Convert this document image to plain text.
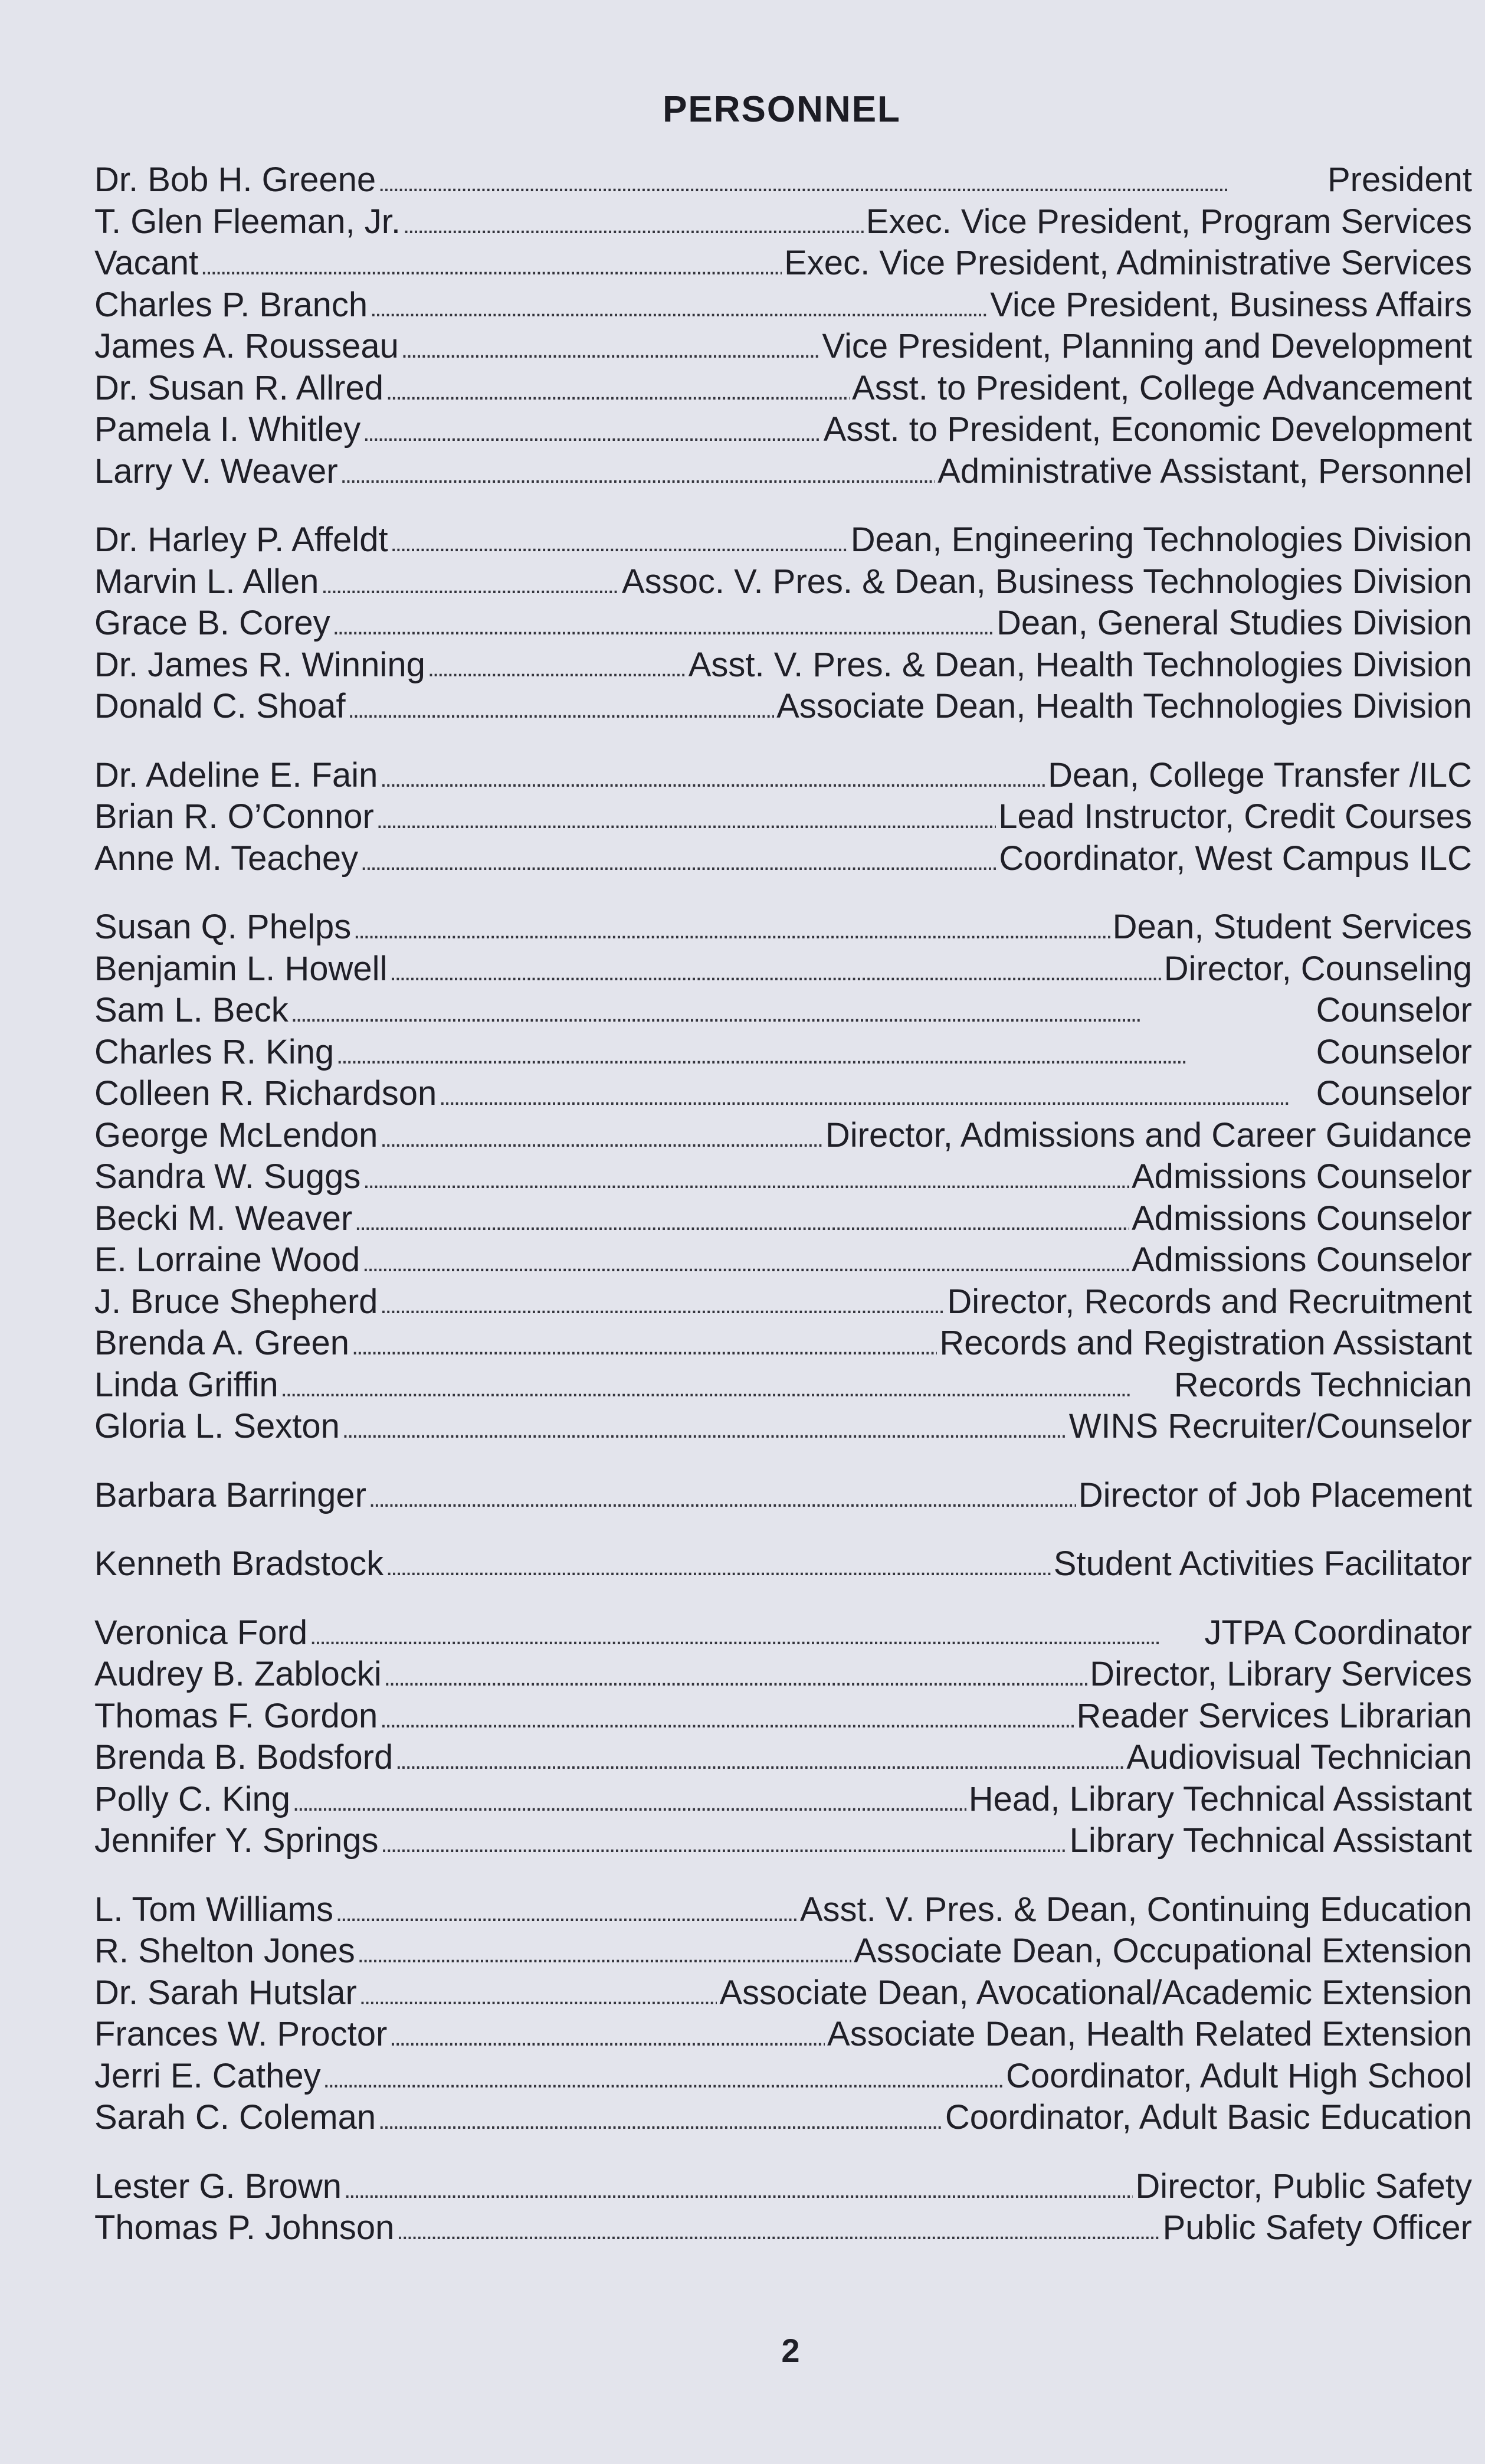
PERSONNEL
Dr. Bob H. Greene . . .	President
T. Glen Fleeman, Jr. . . .	Exec. Vice President, Program Services
Vacant . . .	Exec. Vice President, Administrative Services
Charles P. Branch . . .	Vice President, Business Affairs
James A. Rousseau . . .	Vice President, Planning and Development
Dr. Susan R. Allred . . .	Asst. to President, College Advancement
Pamela I. Whitley . . .	Asst. to President, Economic Development
Larry V. Weaver . . .	Administrative Assistant, Personnel
Dr. Harley P. Affeldt . . .	Dean, Engineering Technologies Division
Marvin L. Allen . . .	Assoc. V. Pres. & Dean, Business Technologies Division
Grace B. Corey . . .	Dean, General Studies Division
Dr. James R. Winning . . .	Asst. V. Pres. & Dean, Health Technologies Division
Donald C. Shoaf . . .	Associate Dean, Health Technologies Division
Dr. Adeline E. Fain . . .	Dean, College Transfer /ILC
Brian R. O’Connor . . .	Lead Instructor, Credit Courses
Anne M. Teachey . . .	Coordinator, West Campus ILC
Susan Q. Phelps . . .	Dean, Student Services
Benjamin L. Howell . . .	Director, Counseling
Sam L. Beck . . .	Counselor
Charles R. King . . .	Counselor
Colleen R. Richardson . . .	Counselor
George McLendon . . .	Director, Admissions and Career Guidance
Sandra W. Suggs . . .	Admissions Counselor
Becki M. Weaver . . .	Admissions Counselor
E. Lorraine Wood . . .	Admissions Counselor
J. Bruce Shepherd . . .	Director, Records and Recruitment
Brenda A. Green . . .	Records and Registration Assistant
Linda Griffin . . .	Records Technician
Gloria L. Sexton . . .	WINS Recruiter/Counselor
Barbara Barringer . . .	Director of Job Placement
Kenneth Bradstock . . .	Student Activities Facilitator
Veronica Ford . . .	JTPA Coordinator
Audrey B. Zablocki . . .	Director, Library Services
Thomas F. Gordon . . .	Reader Services Librarian
Brenda B. Bodsford . . .	Audiovisual Technician
Polly C. King . . .	Head, Library Technical Assistant
Jennifer Y. Springs . . .	Library Technical Assistant
L. Tom Williams . . .	Asst. V. Pres. & Dean, Continuing Education
R. Shelton Jones . . .	Associate Dean, Occupational Extension
Dr. Sarah Hutslar . . .	Associate Dean, Avocational/Academic Extension
Frances W. Proctor . . .	Associate Dean, Health Related Extension
Jerri E. Cathey . . .	Coordinator, Adult High School
Sarah C. Coleman . . .	Coordinator, Adult Basic Education
Lester G. Brown . . .	Director, Public Safety
Thomas P. Johnson . . .	Public Safety Officer
2
